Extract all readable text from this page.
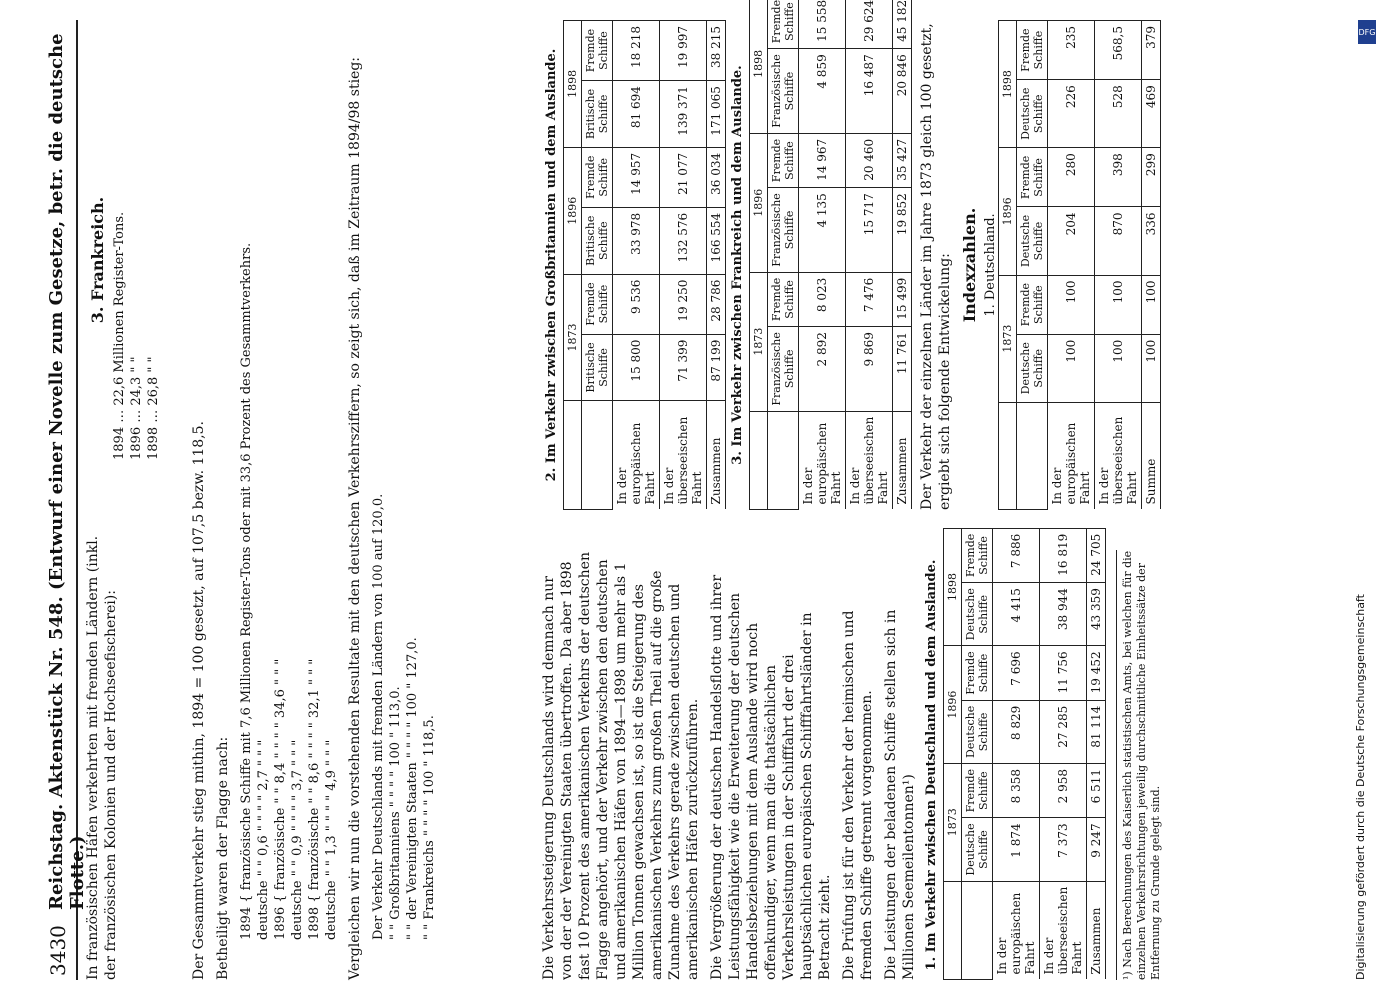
3430
Reichstag. Aktenstück Nr. 548. (Entwurf einer Novelle zum Gesetze, betr. die deutsche Flotte.)

In französischen Häfen verkehrten mit fremden Ländern (inkl. der französischen Kolonien und der Hochseefischerei):

3. Frankreich.
1894 … 22,6 Millionen Register-Tons.
1896 … 24,3 " "
1898 … 26,8 " "

Der Gesammtverkehr stieg mithin, 1894 = 100 gesetzt, auf 107,5 bezw. 118,5. Betheiligt waren der Flagge nach: 1894 { französische Schiffe mit 7,6 Millionen Register-Tons oder mit 33,6 Prozent des Gesammtverkehrs. deutsche " " 0,6 " " " " 2,7 " " " 1896 { französische " " 8,4 " " " " 34,6 " " " deutsche " " 0,9 " " " " 3,7 " " " 1898 { französische " " 8,6 " " " " 32,1 " " " deutsche " " 1,3 " " " " 4,9 " " " Vergleichen wir nun die vorstehenden Resultate mit den deutschen Verkehrsziffern, so zeigt sich, daß im Zeitraum 1894/98 stieg: Der Verkehr Deutschlands mit fremden Ländern von 100 auf 120,0. " " Großbritanniens " " " " 100 " 113,0. " " der Vereinigten Staaten " " " " 100 " 127,0. " " Frankreichs " " " " 100 " 118,5.	Die Verkehrssteigerung Deutschlands wird demnach nur von der der Vereinigten Staaten übertroffen. Da aber 1898 fast 10 Prozent des amerikanischen Verkehrs der deutschen Flagge angehört, und der Verkehr zwischen den deutschen und amerikanischen Häfen von 1894—1898 um mehr als 1 Million Tonnen gewachsen ist, so ist die Steigerung des amerikanischen Verkehrs zum großen Theil auf die große Zunahme des Verkehrs gerade zwischen deutschen und amerikanischen Häfen zurückzuführen. Die Vergrößerung der deutschen Handelsflotte und ihrer Leistungsfähigkeit wie die Erweiterung der deutschen Handelsbeziehungen mit dem Auslande wird noch offenkundiger, wenn man die thatsächlichen Verkehrsleistungen in der Schifffahrt der drei hauptsächlichen europäischen Schifffahrtsländer in Betracht zieht. Die Prüfung ist für den Verkehr der heimischen und fremden Schiffe getrennt vorgenommen. Die Leistungen der beladenen Schiffe stellen sich in Millionen Seemeilentonnen¹) 1. Im Verkehr zwischen Deutschland und dem Auslande.
	1873		1896		1898	
	Deutsche Schiffe	Fremde Schiffe	Deutsche Schiffe	Fremde Schiffe	Deutsche Schiffe	Fremde Schiffe
In der europäischen Fahrt	1 874	8 358	8 829	7 696	4 415	7 886
In der überseeischen Fahrt	7 373	2 958	27 285	11 756	38 944	16 819
Zusammen	9 247	6 511	81 114	19 452	43 359	24 705	¹) Nach Berechnungen des Kaiserlich statistischen Amts, bei welchen für die einzelnen Verkehrsrichtungen jeweilig durchschnittliche Einheitssätze der Entfernung zu Grunde gelegt sind.
2. Im Verkehr zwischen Großbritannien und dem Auslande.
	1873		1896		1898	
	Britische Schiffe	Fremde Schiffe	Britische Schiffe	Fremde Schiffe	Britische Schiffe	Fremde Schiffe
In der europäischen Fahrt	15 800	9 536	33 978	14 957	81 694	18 218
In der überseeischen Fahrt	71 399	19 250	132 576	21 077	139 371	19 997
Zusammen	87 199	28 786	166 554	36 034	171 065	38 215
3. Im Verkehr zwischen Frankreich und dem Auslande.
	1873		1896		1898	
	Französische Schiffe	Fremde Schiffe	Französische Schiffe	Fremde Schiffe	Französische Schiffe	Fremde Schiffe
In der europäischen Fahrt	2 892	8 023	4 135	14 967	4 859	15 558
In der überseeischen Fahrt	9 869	7 476	15 717	20 460	16 487	29 624
Zusammen	11 761	15 499	19 852	35 427	20 846	45 182

Der Verkehr der einzelnen Länder im Jahre 1873 gleich 100 gesetzt, ergiebt sich folgende Entwickelung: Indexzahlen. 1. Deutschland.
	1873		1896		1898	
	Deutsche Schiffe	Fremde Schiffe	Deutsche Schiffe	Fremde Schiffe	Deutsche Schiffe	Fremde Schiffe
In der europäischen Fahrt	100	100	204	280	226	235
In der überseeischen Fahrt	100	100	870	398	528	568,5
Summe	100	100	336	299	469	379	DFG
Digitalisierung gefördert durch die Deutsche Forschungsgemeinschaft
